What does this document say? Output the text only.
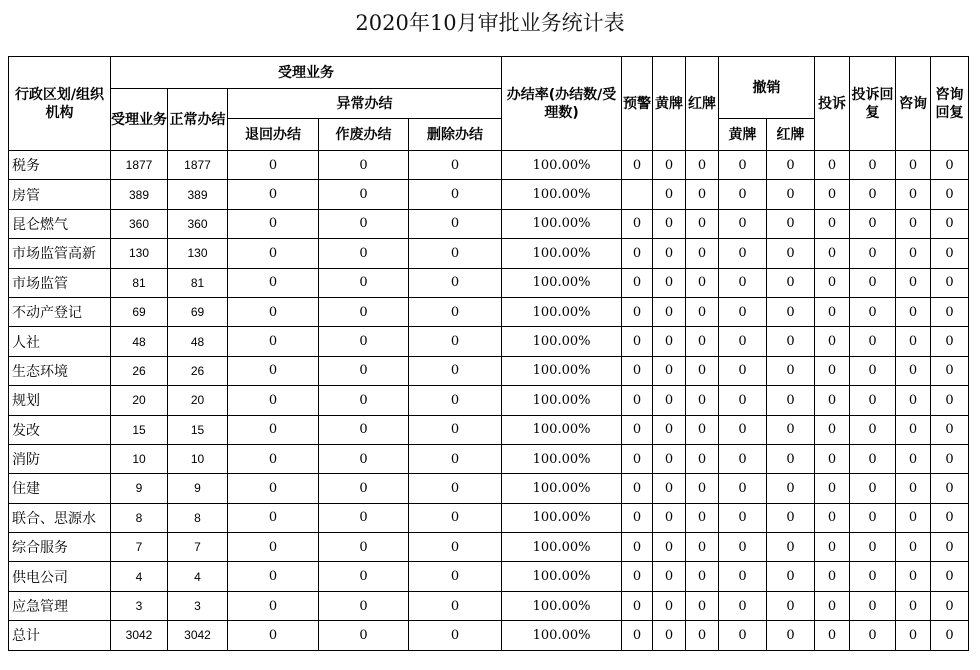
2020年10月审批业务统计表
行政区划/组织机构	受理业务					办结率(办结数/受理数)	预警	黄牌	红牌	撤销		投诉	投诉回复	咨询	咨询回复
	受理业务	正常办结	异常办结												
			退回办结	作废办结	删除办结					黄牌	红牌				
税务	1877	1877	0	0	0	100.00%	0	0	0	0	0	0	0	0	0
房管	389	389	0	0	0	100.00%		0	0	0	0	0	0	0	0
昆仑燃气	360	360	0	0	0	100.00%	0	0	0	0	0	0	0	0	0
市场监管高新	130	130	0	0	0	100.00%	0	0	0	0	0	0	0	0	0
市场监管	81	81	0	0	0	100.00%	0	0	0	0	0	0	0	0	0
不动产登记	69	69	0	0	0	100.00%	0	0	0	0	0	0	0	0	0
人社	48	48	0	0	0	100.00%	0	0	0	0	0	0	0	0	0
生态环境	26	26	0	0	0	100.00%	0	0	0	0	0	0	0	0	0
规划	20	20	0	0	0	100.00%	0	0	0	0	0	0	0	0	0
发改	15	15	0	0	0	100.00%	0	0	0	0	0	0	0	0	0
消防	10	10	0	0	0	100.00%	0	0	0	0	0	0	0	0	0
住建	9	9	0	0	0	100.00%	0	0	0	0	0	0	0	0	0
联合、思源水	8	8	0	0	0	100.00%	0	0	0	0	0	0	0	0	0
综合服务	7	7	0	0	0	100.00%	0	0	0	0	0	0	0	0	0
供电公司	4	4	0	0	0	100.00%	0	0	0	0	0	0	0	0	0
应急管理	3	3	0	0	0	100.00%	0	0	0	0	0	0	0	0	0
总计	3042	3042	0	0	0	100.00%	0	0	0	0	0	0	0	0	0
